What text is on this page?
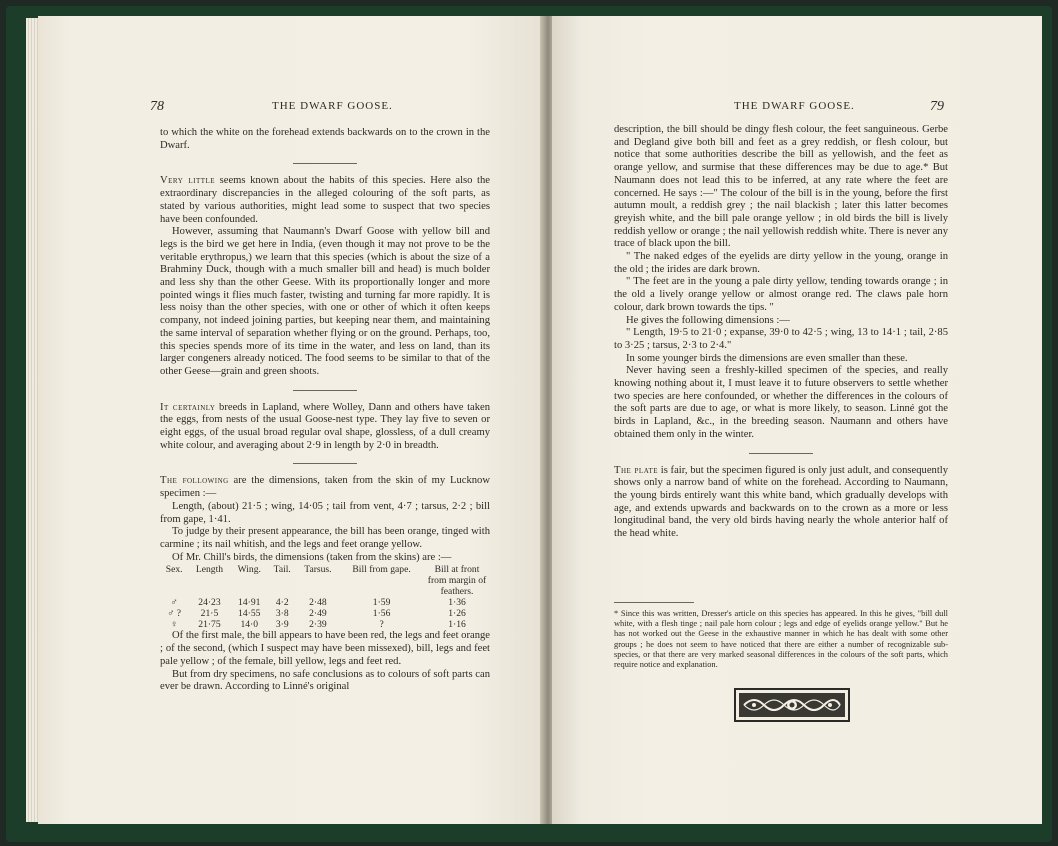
78	THE DWARF GOOSE.

to which the white on the forehead extends backwards on to the crown in the Dwarf.

Very little seems known about the habits of this species. Here also the extraordinary discrepancies in the alleged colouring of the soft parts, as stated by various authorities, might lead some to suspect that two species have been confounded.

However, assuming that Naumann's Dwarf Goose with yellow bill and legs is the bird we get here in India, (even though it may not prove to be the veritable erythropus,) we learn that this species (which is about the size of a Brahminy Duck, though with a much smaller bill and head) is much bolder and less shy than the other Geese. With its proportionally longer and more pointed wings it flies much faster, twisting and turning far more rapidly. It is less noisy than the other species, with one or other of which it often keeps company, not indeed joining parties, but keeping near them, and maintaining the same interval of separation whether flying or on the ground. Perhaps, too, this species spends more of its time in the water, and less on land, than its larger congeners already noticed. The food seems to be similar to that of the other Geese—grain and green shoots.

It certainly breeds in Lapland, where Wolley, Dann and others have taken the eggs, from nests of the usual Goose-nest type. They lay five to seven or eight eggs, of the usual broad regular oval shape, glossless, of a dull creamy white colour, and averaging about 2·9 in length by 2·0 in breadth.

The following are the dimensions, taken from the skin of my Lucknow specimen :—

Length, (about) 21·5 ; wing, 14·05 ; tail from vent, 4·7 ; tarsus, 2·2 ; bill from gape, 1·41.

To judge by their present appearance, the bill has been orange, tinged with carmine ; its nail whitish, and the legs and feet orange yellow.

Of Mr. Chill's birds, the dimensions (taken from the skins) are :—

Sex.	Length	Wing.	Tail.	Tarsus.	Bill from gape.	Bill at front from margin of feathers.
♂	24·23	14·91	4·2	2·48	1·59	1·36
♂ ?	21·5	14·55	3·8	2·49	1·56	1·26
♀	21·75	14·0	3·9	2·39	?	1·16

Of the first male, the bill appears to have been red, the legs and feet orange ; of the second, (which I suspect may have been missexed), bill, legs and feet pale yellow ; of the female, bill yellow, legs and feet red.

But from dry specimens, no safe conclusions as to colours of soft parts can ever be drawn. According to Linné's original

THE DWARF GOOSE.	79

description, the bill should be dingy flesh colour, the feet sanguineous. Gerbe and Degland give both bill and feet as a grey reddish, or flesh colour, but notice that some authorities describe the bill as yellowish, and the feet as orange yellow, and surmise that these differences may be due to age.* But Naumann does not lead this to be inferred, at any rate where the feet are concerned. He says :—" The colour of the bill is in the young, before the first autumn moult, a reddish grey ; the nail blackish ; later this latter becomes greyish white, and the bill pale orange yellow ; in old birds the bill is lively reddish yellow or orange ; the nail yellowish reddish white. There is never any trace of black upon the bill.

" The naked edges of the eyelids are dirty yellow in the young, orange in the old ; the irides are dark brown.

" The feet are in the young a pale dirty yellow, tending towards orange ; in the old a lively orange yellow or almost orange red. The claws pale horn colour, dark brown towards the tips. "

He gives the following dimensions :—

" Length, 19·5 to 21·0 ; expanse, 39·0 to 42·5 ; wing, 13 to 14·1 ; tail, 2·85 to 3·25 ; tarsus, 2·3 to 2·4."

In some younger birds the dimensions are even smaller than these.

Never having seen a freshly-killed specimen of the species, and really knowing nothing about it, I must leave it to future observers to settle whether two species are here confounded, or whether the differences in the colours of the soft parts are due to age, or what is more likely, to season. Linné got the birds in Lapland, &c., in the breeding season. Naumann and others have obtained them only in the winter.

The plate is fair, but the specimen figured is only just adult, and consequently shows only a narrow band of white on the forehead. According to Naumann, the young birds entirely want this white band, which gradually develops with age, and extends upwards and backwards on to the crown as a more or less longitudinal band, the very old birds having nearly the whole anterior half of the head white.

* Since this was written, Dresser's article on this species has appeared. In this he gives, "bill dull white, with a flesh tinge ; nail pale horn colour ; legs and edge of eyelids orange yellow." But he has not worked out the Geese in the exhaustive manner in which he has dealt with some other groups ; he does not seem to have noticed that there are either a number of recognizable sub-species, or that there are very marked seasonal differences in the colours of the soft parts, which require notice and explanation.
